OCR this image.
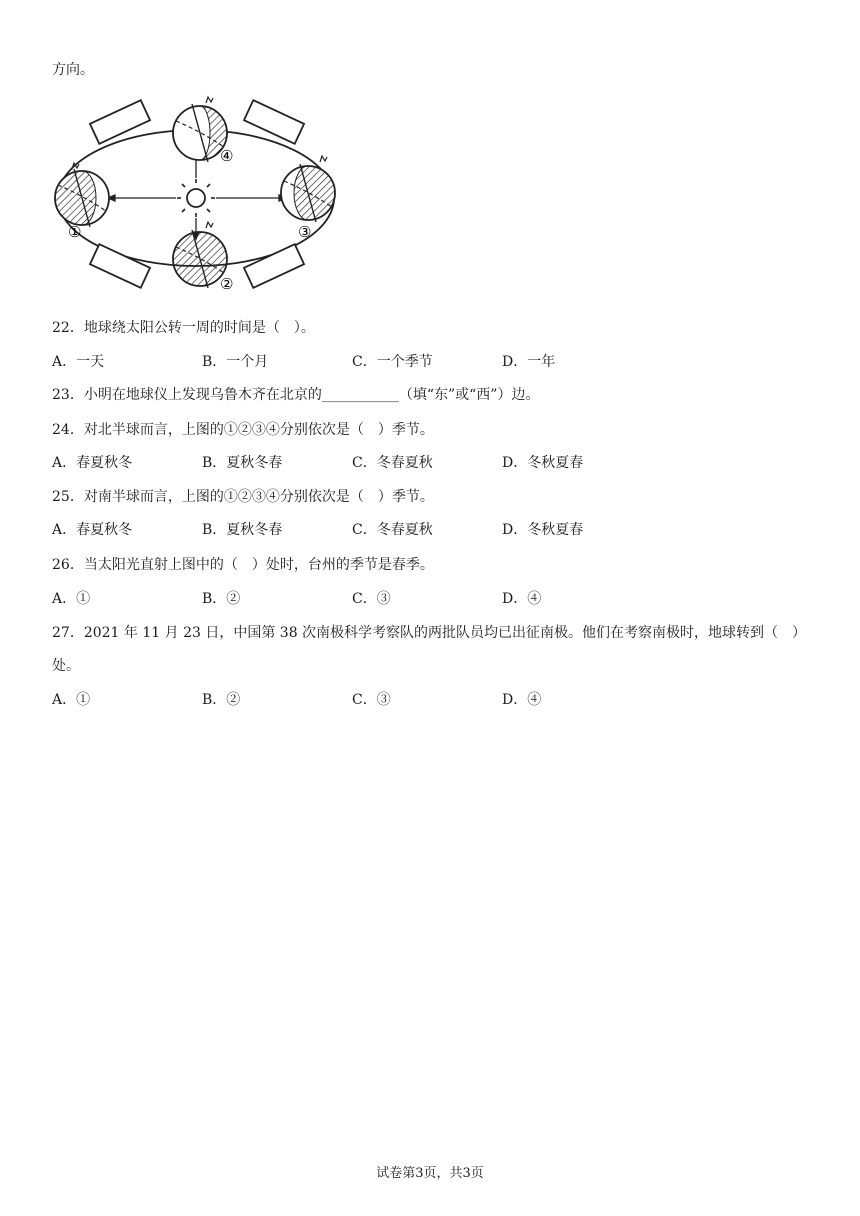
方向。
①
②
③
④
22．地球绕太阳公转一周的时间是（　）。
A．一天	B．一个月	C．一个季节	D．一年
23．小明在地球仪上发现乌鲁木齐在北京的___________（填“东”或“西”）边。
24．对北半球而言，上图的①②③④分别依次是（　）季节。
A．春夏秋冬	B．夏秋冬春	C．冬春夏秋	D．冬秋夏春
25．对南半球而言，上图的①②③④分别依次是（　）季节。
A．春夏秋冬	B．夏秋冬春	C．冬春夏秋	D．冬秋夏春
26．当太阳光直射上图中的（　）处时，台州的季节是春季。
A．①	B．②	C．③	D．④
27．2021 年 11 月 23 日，中国第 38 次南极科学考察队的两批队员均已出征南极。他们在考察南极时，地球转到（　）处。
A．①	B．②	C．③	D．④
试卷第3页，共3页
